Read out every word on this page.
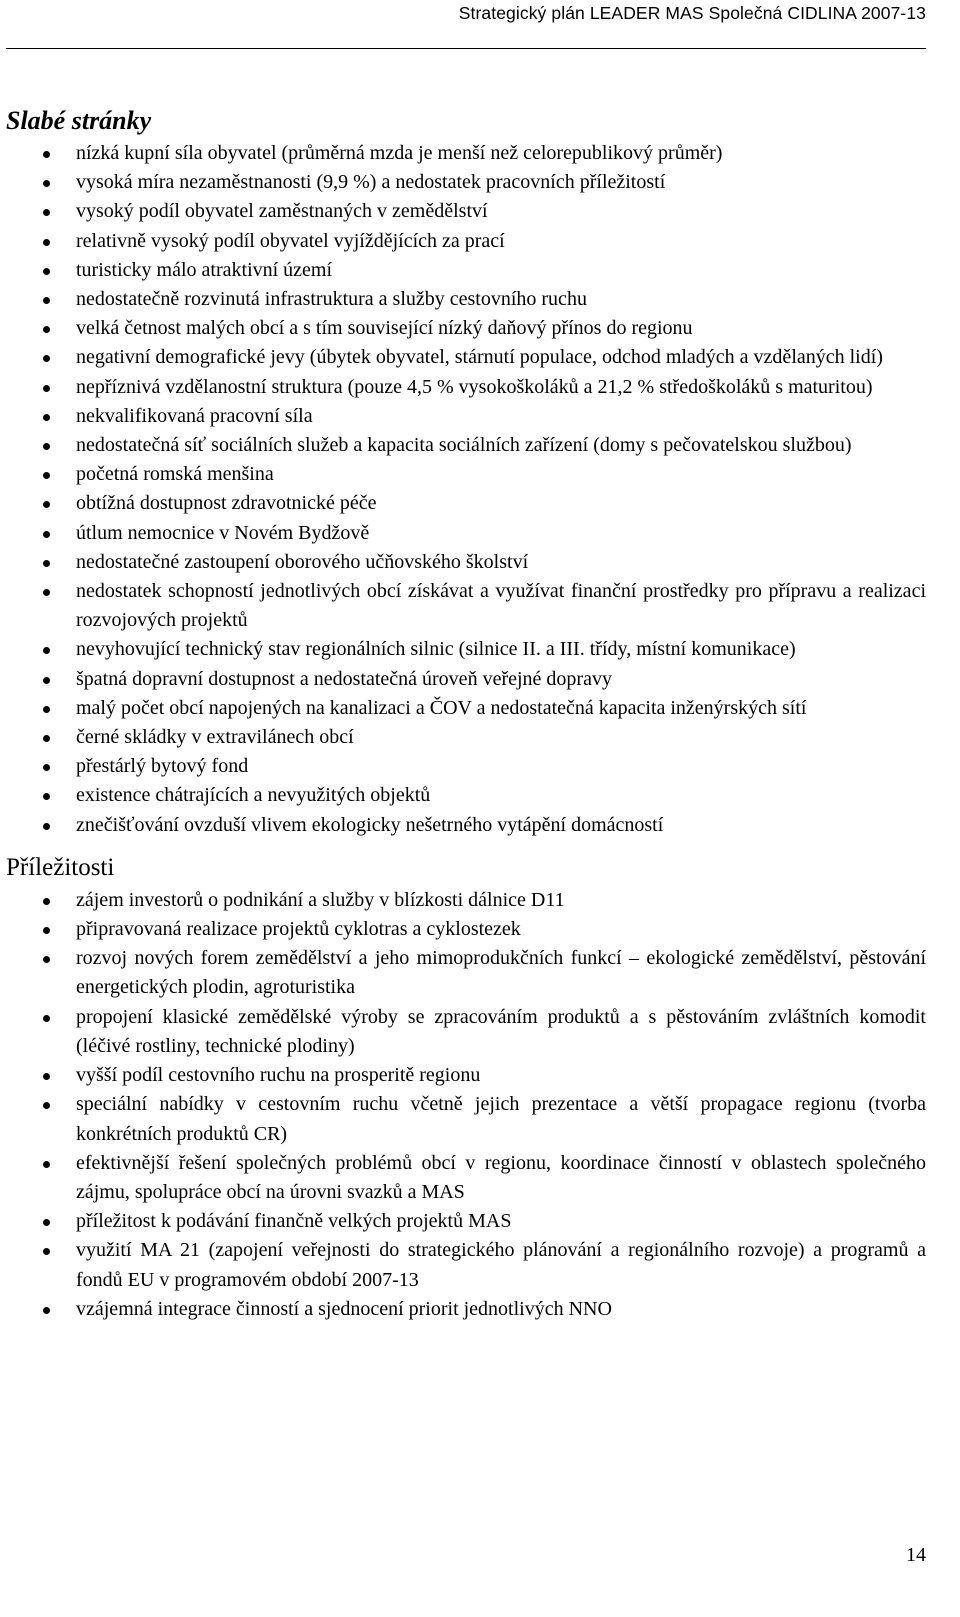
Strategický plán LEADER MAS Společná CIDLINA 2007-13
Slabé stránky
nízká kupní síla obyvatel (průměrná mzda je menší než celorepublikový průměr)
vysoká míra nezaměstnanosti (9,9 %) a nedostatek pracovních příležitostí
vysoký podíl obyvatel zaměstnaných v zemědělství
relativně vysoký podíl obyvatel vyjíždějících za prací
turisticky málo atraktivní území
nedostatečně rozvinutá infrastruktura a služby cestovního ruchu
velká četnost malých obcí a s tím související nízký daňový přínos do regionu
negativní demografické jevy (úbytek obyvatel, stárnutí populace, odchod mladých a vzdělaných lidí)
nepříznivá vzdělanostní struktura (pouze 4,5 % vysokoškoláků a 21,2 % středoškoláků s maturitou)
nekvalifikovaná pracovní síla
nedostatečná síť sociálních služeb a kapacita sociálních zařízení (domy s pečovatelskou službou)
početná romská menšina
obtížná dostupnost zdravotnické péče
útlum nemocnice v Novém Bydžově
nedostatečné zastoupení oborového učňovského školství
nedostatek schopností jednotlivých obcí získávat a využívat finanční prostředky pro přípravu a realizaci rozvojových projektů
nevyhovující technický stav regionálních silnic (silnice II. a III. třídy, místní komunikace)
špatná dopravní dostupnost a nedostatečná úroveň veřejné dopravy
malý počet obcí napojených na kanalizaci a ČOV a nedostatečná kapacita inženýrských sítí
černé skládky v extravilánech obcí
přestárlý bytový fond
existence chátrajících a nevyužitých objektů
znečišťování ovzduší vlivem ekologicky nešetrného vytápění domácností
Příležitosti
zájem investorů o podnikání a služby v blízkosti dálnice D11
připravovaná realizace projektů cyklotras a cyklostezek
rozvoj nových forem zemědělství a jeho mimoprodukčních funkcí – ekologické zemědělství, pěstování energetických plodin, agroturistika
propojení klasické zemědělské výroby se zpracováním produktů a s pěstováním zvláštních komodit (léčivé rostliny, technické plodiny)
vyšší podíl cestovního ruchu na prosperitě regionu
speciální nabídky v cestovním ruchu včetně jejich prezentace a větší propagace regionu (tvorba konkrétních produktů CR)
efektivnější řešení společných problémů obcí v regionu, koordinace činností v oblastech společného zájmu, spolupráce obcí na úrovni svazků a MAS
příležitost k podávání finančně velkých projektů MAS
využití MA 21 (zapojení veřejnosti do strategického plánování a regionálního rozvoje) a programů a fondů EU v programovém období 2007-13
vzájemná integrace činností a sjednocení priorit jednotlivých NNO
14
